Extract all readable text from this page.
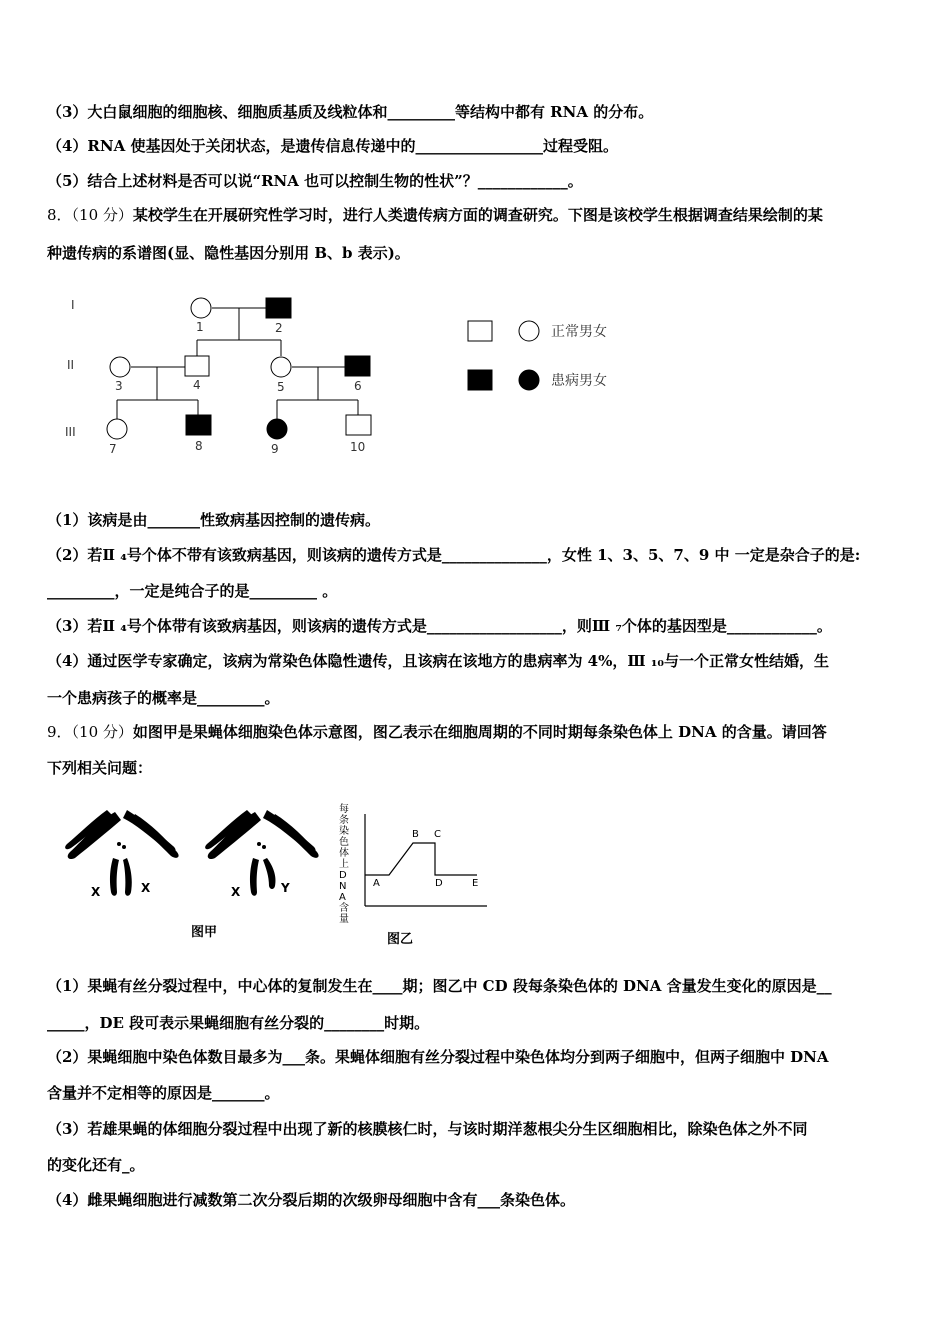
（3）大白鼠细胞的细胞核、细胞质基质及线粒体和_________等结构中都有 RNA 的分布。
（4）RNA 使基因处于关闭状态，是遗传信息传递中的_________________过程受阻。
（5）结合上述材料是否可以说“RNA 也可以控制生物的性状”？____________。
8．（10 分）某校学生在开展研究性学习时，进行人类遗传病方面的调查研究。下图是该校学生根据调查结果绘制的某
种遗传病的系谱图(显、隐性基因分别用 B、b 表示)。
I
II
III
1	2
3	4	5	6
7	8	9	10
正常男女
患病男女
（1）该病是由_______性致病基因控制的遗传病。
（2）若Ⅱ ₄号个体不带有该致病基因，则该病的遗传方式是______________，女性 1、3、5、7、9 中 一定是杂合子的是:
_________，一定是纯合子的是_________ 。
（3）若Ⅱ ₄号个体带有该致病基因，则该病的遗传方式是__________________，则Ⅲ ₇个体的基因型是____________。
（4）通过医学专家确定，该病为常染色体隐性遗传，且该病在该地方的患病率为 4%，Ⅲ ₁₀与一个正常女性结婚，生
一个患病孩子的概率是_________。
9．（10 分）如图甲是果蝇体细胞染色体示意图，图乙表示在细胞周期的不同时期每条染色体上 DNA 的含量。请回答
下列相关问题：
X	X	X	Y
图甲
A
B C
D	E
图乙
每条染色体上DNA含量
（1）果蝇有丝分裂过程中，中心体的复制发生在____期；图乙中 CD 段每条染色体的 DNA 含量发生变化的原因是__
_____，DE 段可表示果蝇细胞有丝分裂的________时期。
（2）果蝇细胞中染色体数目最多为___条。果蝇体细胞有丝分裂过程中染色体均分到两子细胞中，但两子细胞中 DNA
含量并不定相等的原因是_______。
（3）若雄果蝇的体细胞分裂过程中出现了新的核膜核仁时，与该时期洋葱根尖分生区细胞相比，除染色体之外不同
的变化还有_。
（4）雌果蝇细胞进行减数第二次分裂后期的次级卵母细胞中含有___条染色体。
